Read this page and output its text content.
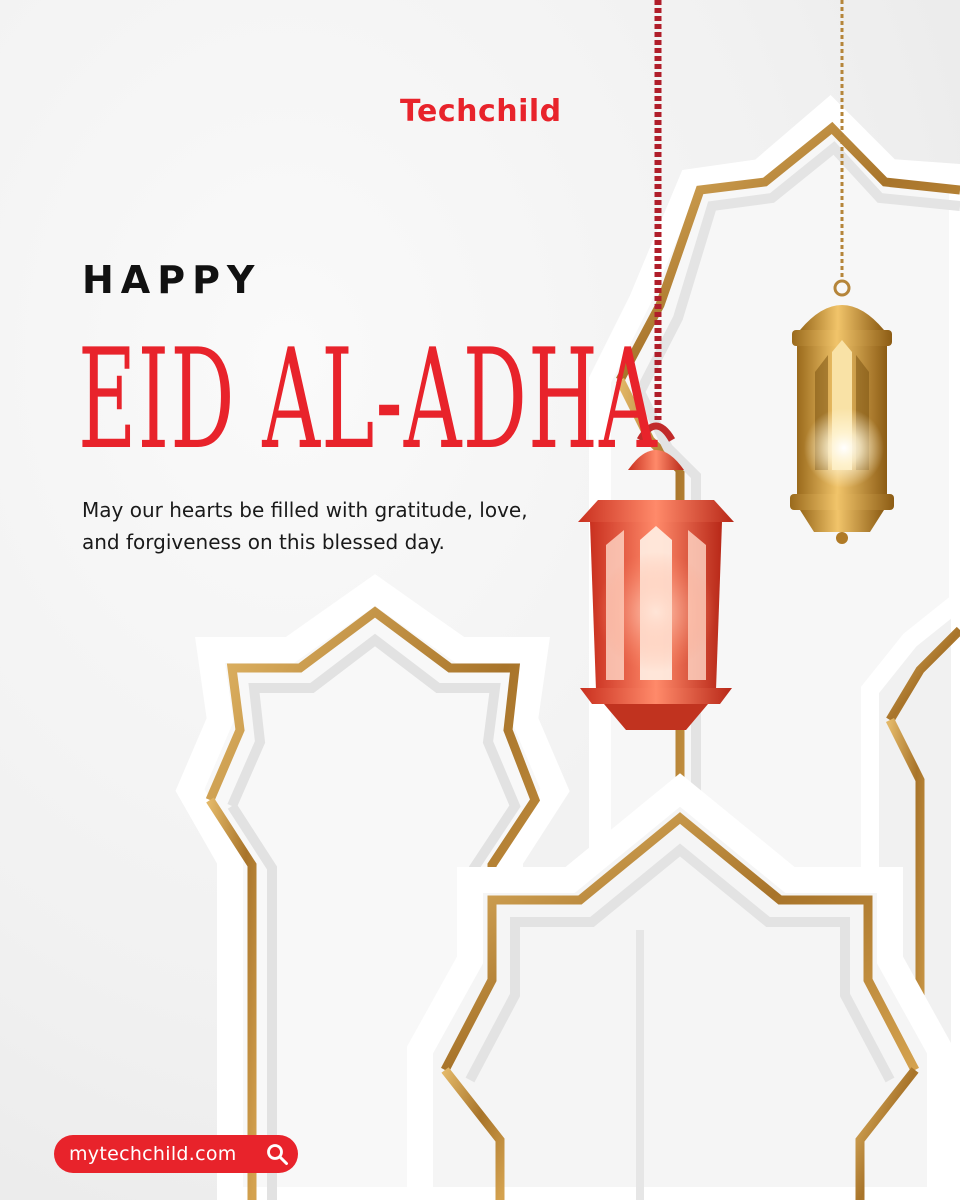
Techchild
HAPPY
EID AL-ADHA
May our hearts be filled with gratitude, love, and forgiveness on this blessed day.
mytechchild.com
